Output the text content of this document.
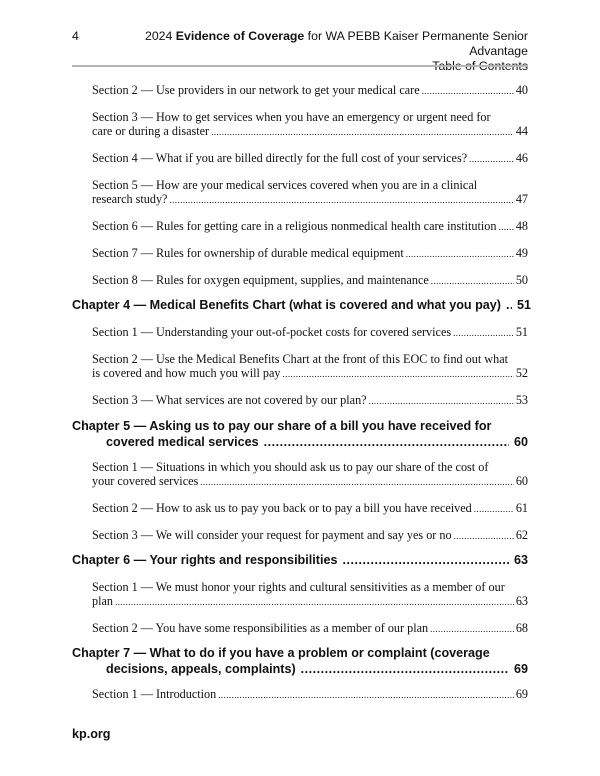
4	2024 Evidence of Coverage for WA PEBB Kaiser Permanente Senior Advantage

Section 2 — Use providers in our network to get your medical care .....	40
Section 3 — How to get services when you have an emergency or urgent need for
care or during a disaster .....	44
Section 4 — What if you are billed directly for the full cost of your services? .....	46
Section 5 — How are your medical services covered when you are in a clinical
research study? .....	47
Section 6 — Rules for getting care in a religious nonmedical health care institution ..... 48
Section 7 — Rules for ownership of durable medical equipment .....	49
Section 8 — Rules for oxygen equipment, supplies, and maintenance .....	50
Chapter 4 — Medical Benefits Chart (what is covered and what you pay) ..... 51
Section 1 — Understanding your out-of-pocket costs for covered services .....	51
Section 2 — Use the Medical Benefits Chart at the front of this EOC to find out what
is covered and how much you will pay .....	52
Section 3 — What services are not covered by our plan? .....	53
Chapter 5 — Asking us to pay our share of a bill you have received for
covered medical services .....	60
Section 1 — Situations in which you should ask us to pay our share of the cost of
your covered services .....	60
Section 2 — How to ask us to pay you back or to pay a bill you have received .....	61
Section 3 — We will consider your request for payment and say yes or no .....	62
Chapter 6 — Your rights and responsibilities .....	63
Section 1 — We must honor your rights and cultural sensitivities as a member of our
plan .....	63
Section 2 — You have some responsibilities as a member of our plan .....	68
Chapter 7 — What to do if you have a problem or complaint (coverage
decisions, appeals, complaints) .....	69
Section 1 — Introduction .....	69
kp.org
